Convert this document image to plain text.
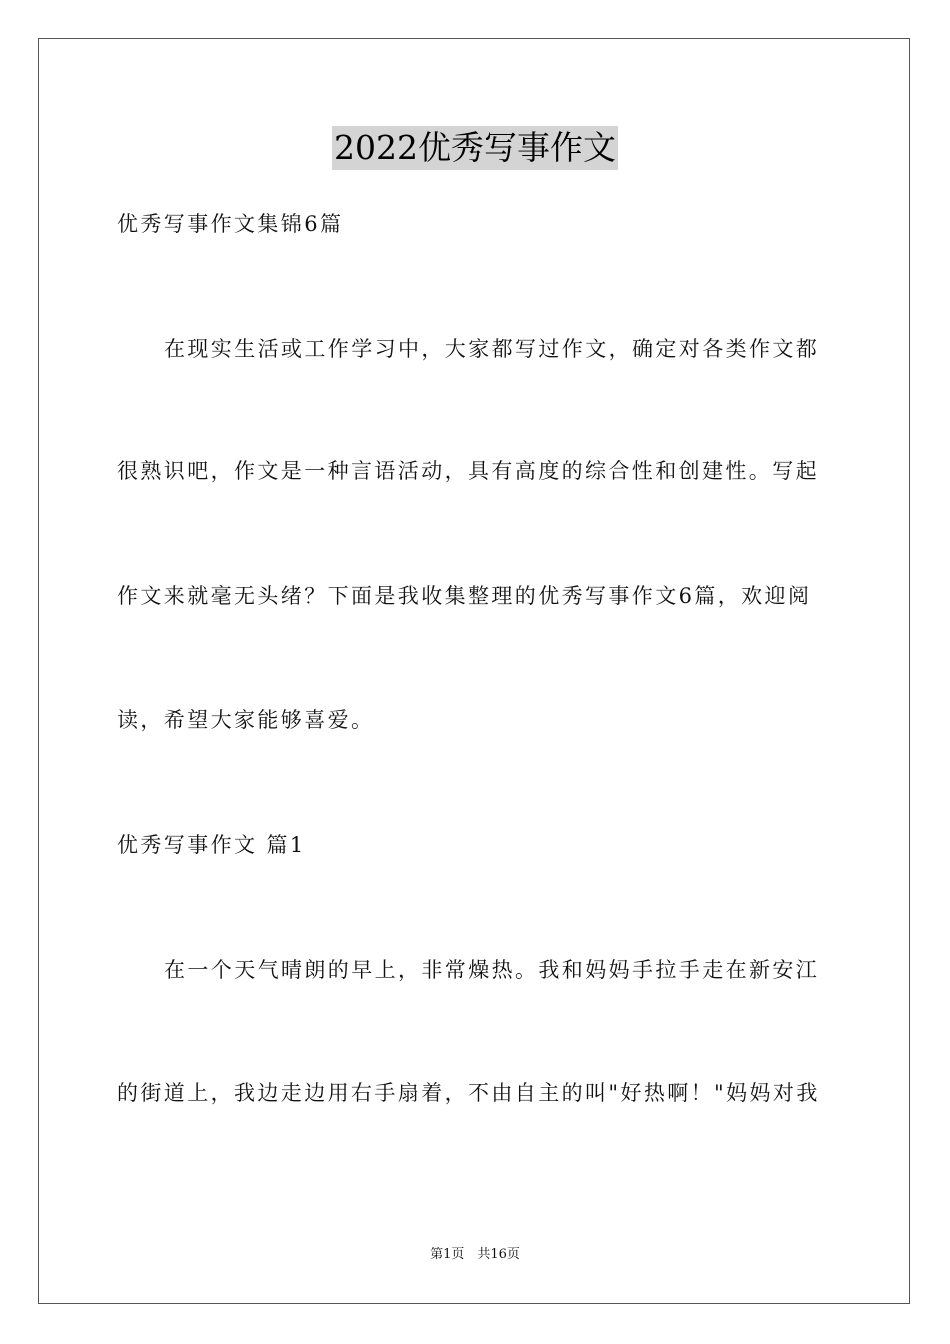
2022优秀写事作文
优秀写事作文集锦6篇
在现实生活或工作学习中，大家都写过作文，确定对各类作文都
很熟识吧，作文是一种言语活动，具有高度的综合性和创建性。写起
作文来就毫无头绪？下面是我收集整理的优秀写事作文6篇，欢迎阅
读，希望大家能够喜爱。
优秀写事作文 篇1
在一个天气晴朗的早上，非常燥热。我和妈妈手拉手走在新安江
的街道上，我边走边用右手扇着，不由自主的叫"好热啊！"妈妈对我
第1页　共16页
